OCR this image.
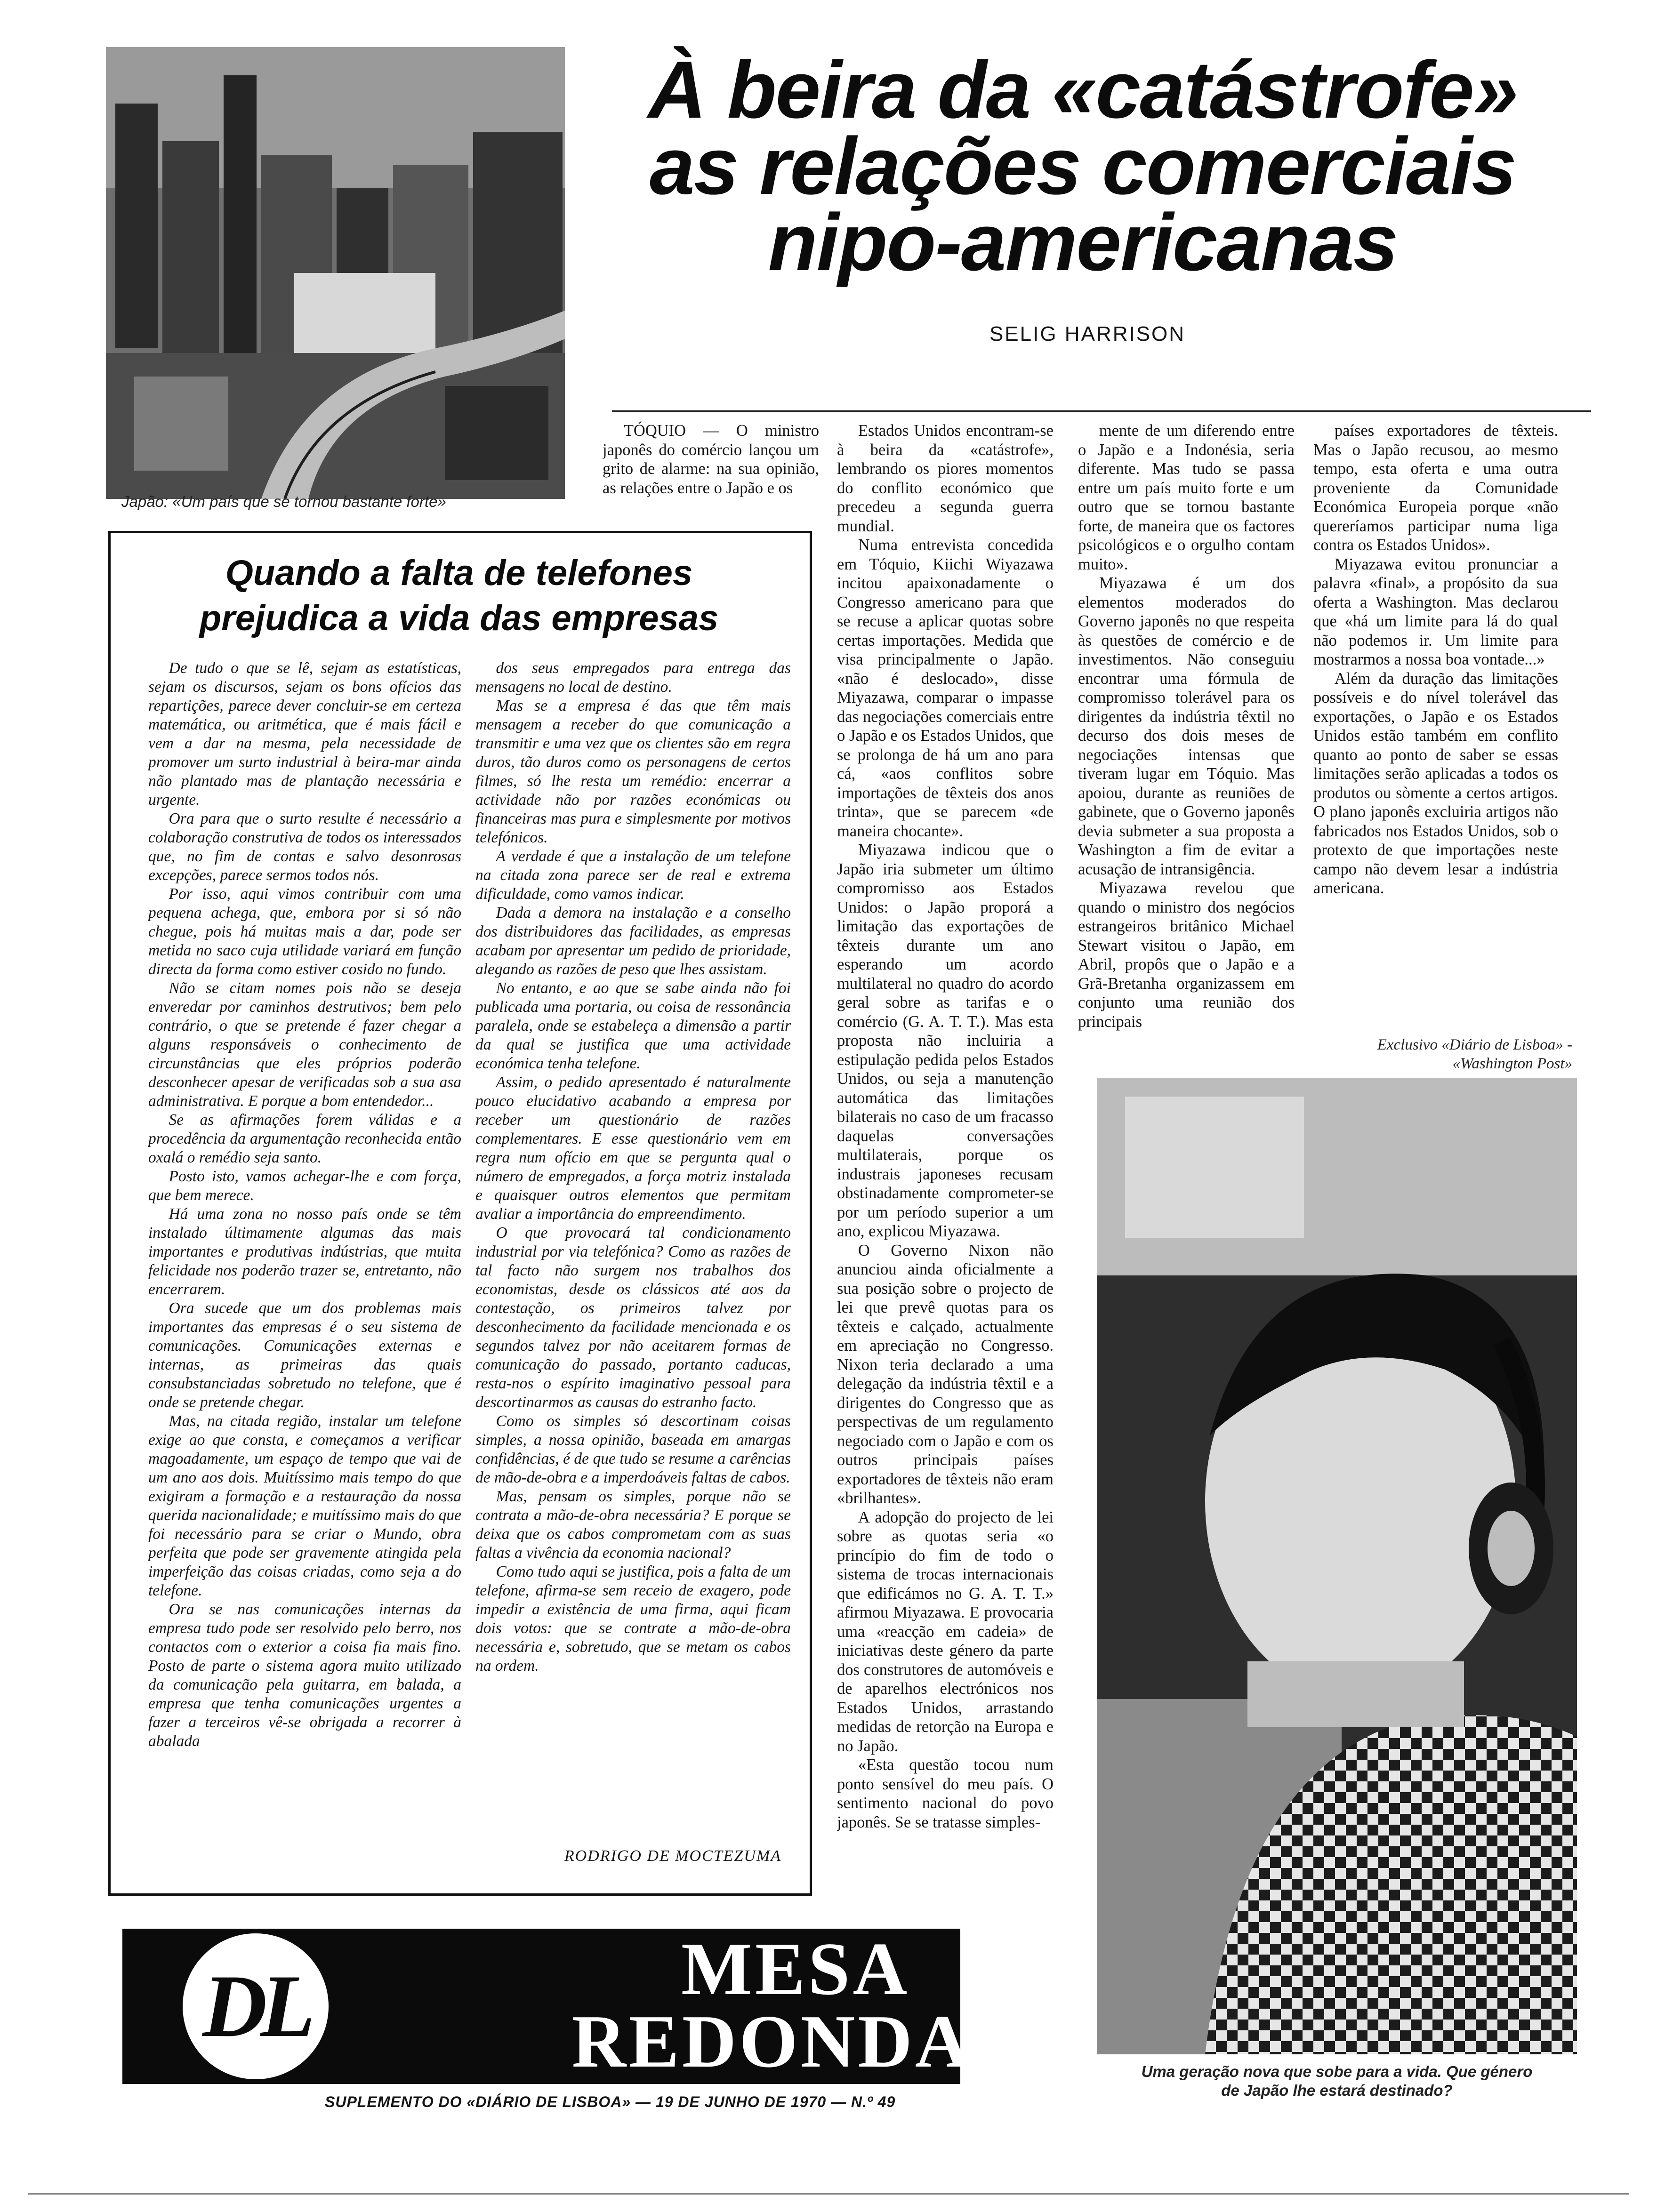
Japão: «Um país que se tornou bastante forte»
À beira da «catástrofe»
as relações comerciais
nipo-americanas
SELIG HARRISON

TÓQUIO — O ministro japonês do comércio lançou um grito de alarme: na sua opinião, as relações entre o Japão e os

Estados Unidos encontram-se à beira da «catástrofe», lembrando os piores momentos do conflito económico que precedeu a segunda guerra mundial.

Numa entrevista concedida em Tóquio, Kiichi Wiyazawa incitou apaixonadamente o Congresso americano para que se recuse a aplicar quotas sobre certas importações. Medida que visa principalmente o Japão. «não é deslocado», disse Miyazawa, comparar o impasse das negociações comerciais entre o Japão e os Estados Unidos, que se prolonga de há um ano para cá, «aos conflitos sobre importações de têxteis dos anos trinta», que se parecem «de maneira chocante».

Miyazawa indicou que o Japão iria submeter um último compromisso aos Estados Unidos: o Japão proporá a limitação das exportações de têxteis durante um ano esperando um acordo multilateral no quadro do acordo geral sobre as tarifas e o comércio (G. A. T. T.). Mas esta proposta não incluiria a estipulação pedida pelos Estados Unidos, ou seja a manutenção automática das limitações bilaterais no caso de um fracasso daquelas conversações multilaterais, porque os industrais japoneses recusam obstinadamente comprometer-se por um período superior a um ano, explicou Miyazawa.

O Governo Nixon não anunciou ainda oficialmente a sua posição sobre o projecto de lei que prevê quotas para os têxteis e calçado, actualmente em apreciação no Congresso. Nixon teria declarado a uma delegação da indústria têxtil e a dirigentes do Congresso que as perspectivas de um regulamento negociado com o Japão e com os outros principais países exportadores de têxteis não eram «brilhantes».

A adopção do projecto de lei sobre as quotas seria «o princípio do fim de todo o sistema de trocas internacionais que edificámos no G. A. T. T.» afirmou Miyazawa. E provocaria uma «reacção em cadeia» de iniciativas deste género da parte dos construtores de automóveis e de aparelhos electrónicos nos Estados Unidos, arrastando medidas de retorção na Europa e no Japão.

«Esta questão tocou num ponto sensível do meu país. O sentimento nacional do povo japonês. Se se tratasse simples-

mente de um diferendo entre o Japão e a Indonésia, seria diferente. Mas tudo se passa entre um país muito forte e um outro que se tornou bastante forte, de maneira que os factores psicológicos e o orgulho contam muito».

Miyazawa é um dos elementos moderados do Governo japonês no que respeita às questões de comércio e de investimentos. Não conseguiu encontrar uma fórmula de compromisso tolerável para os dirigentes da indústria têxtil no decurso dos dois meses de negociações intensas que tiveram lugar em Tóquio. Mas apoiou, durante as reuniões de gabinete, que o Governo japonês devia submeter a sua proposta a Washington a fim de evitar a acusação de intransigência.

Miyazawa revelou que quando o ministro dos negócios estrangeiros britânico Michael Stewart visitou o Japão, em Abril, propôs que o Japão e a Grã-Bretanha organizassem em conjunto uma reunião dos principais

países exportadores de têxteis. Mas o Japão recusou, ao mesmo tempo, esta oferta e uma outra proveniente da Comunidade Económica Europeia porque «não quereríamos participar numa liga contra os Estados Unidos».

Miyazawa evitou pronunciar a palavra «final», a propósito da sua oferta a Washington. Mas declarou que «há um limite para lá do qual não podemos ir. Um limite para mostrarmos a nossa boa vontade...»

Além da duração das limitações possíveis e do nível tolerável das exportações, o Japão e os Estados Unidos estão também em conflito quanto ao ponto de saber se essas limitações serão aplicadas a todos os produtos ou sòmente a certos artigos. O plano japonês excluiria artigos não fabricados nos Estados Unidos, sob o protexto de que importações neste campo não devem lesar a indústria americana.

Exclusivo «Diário de Lisboa» - «Washington Post»
Quando a falta de telefones
prejudica a vida das empresas

De tudo o que se lê, sejam as estatísticas, sejam os discursos, sejam os bons ofícios das repartições, parece dever concluir-se em certeza matemática, ou aritmética, que é mais fácil e vem a dar na mesma, pela necessidade de promover um surto industrial à beira-mar ainda não plantado mas de plantação necessária e urgente.

Ora para que o surto resulte é necessário a colaboração construtiva de todos os interessados que, no fim de contas e salvo desonrosas excepções, parece sermos todos nós.

Por isso, aqui vimos contribuir com uma pequena achega, que, embora por si só não chegue, pois há muitas mais a dar, pode ser metida no saco cuja utilidade variará em função directa da forma como estiver cosido no fundo.

Não se citam nomes pois não se deseja enveredar por caminhos destrutivos; bem pelo contrário, o que se pretende é fazer chegar a alguns responsáveis o conhecimento de circunstâncias que eles próprios poderão desconhecer apesar de verificadas sob a sua asa administrativa. E porque a bom entendedor...

Se as afirmações forem válidas e a procedência da argumentação reconhecida então oxalá o remédio seja santo.

Posto isto, vamos achegar-lhe e com força, que bem merece.

Há uma zona no nosso país onde se têm instalado últimamente algumas das mais importantes e produtivas indústrias, que muita felicidade nos poderão trazer se, entretanto, não encerrarem.

Ora sucede que um dos problemas mais importantes das empresas é o seu sistema de comunicações. Comunicações externas e internas, as primeiras das quais consubstanciadas sobretudo no telefone, que é onde se pretende chegar.

Mas, na citada região, instalar um telefone exige ao que consta, e começamos a verificar magoadamente, um espaço de tempo que vai de um ano aos dois. Muitíssimo mais tempo do que exigiram a formação e a restauração da nossa querida nacionalidade; e muitíssimo mais do que foi necessário para se criar o Mundo, obra perfeita que pode ser gravemente atingida pela imperfeição das coisas criadas, como seja a do telefone.

Ora se nas comunicações internas da empresa tudo pode ser resolvido pelo berro, nos contactos com o exterior a coisa fia mais fino. Posto de parte o sistema agora muito utilizado da comunicação pela guitarra, em balada, a empresa que tenha comunicações urgentes a fazer a terceiros vê-se obrigada a recorrer à abalada

dos seus empregados para entrega das mensagens no local de destino.

Mas se a empresa é das que têm mais mensagem a receber do que comunicação a transmitir e uma vez que os clientes são em regra duros, tão duros como os personagens de certos filmes, só lhe resta um remédio: encerrar a actividade não por razões económicas ou financeiras mas pura e simplesmente por motivos telefónicos.

A verdade é que a instalação de um telefone na citada zona parece ser de real e extrema dificuldade, como vamos indicar.

Dada a demora na instalação e a conselho dos distribuidores das facilidades, as empresas acabam por apresentar um pedido de prioridade, alegando as razões de peso que lhes assistam.

No entanto, e ao que se sabe ainda não foi publicada uma portaria, ou coisa de ressonância paralela, onde se estabeleça a dimensão a partir da qual se justifica que uma actividade económica tenha telefone.

Assim, o pedido apresentado é naturalmente pouco elucidativo acabando a empresa por receber um questionário de razões complementares. E esse questionário vem em regra num ofício em que se pergunta qual o número de empregados, a força motriz instalada e quaisquer outros elementos que permitam avaliar a importância do empreendimento.

O que provocará tal condicionamento industrial por via telefónica? Como as razões de tal facto não surgem nos trabalhos dos economistas, desde os clássicos até aos da contestação, os primeiros talvez por desconhecimento da facilidade mencionada e os segundos talvez por não aceitarem formas de comunicação do passado, portanto caducas, resta-nos o espírito imaginativo pessoal para descortinarmos as causas do estranho facto.

Como os simples só descortinam coisas simples, a nossa opinião, baseada em amargas confidências, é de que tudo se resume a carências de mão-de-obra e a imperdoáveis faltas de cabos.

Mas, pensam os simples, porque não se contrata a mão-de-obra necessária? E porque se deixa que os cabos comprometam com as suas faltas a vivência da economia nacional?

Como tudo aqui se justifica, pois a falta de um telefone, afirma-se sem receio de exagero, pode impedir a existência de uma firma, aqui ficam dois votos: que se contrate a mão-de-obra necessária e, sobretudo, que se metam os cabos na ordem.

RODRIGO DE MOCTEZUMA
Uma geração nova que sobe para a vida. Que género
de Japão lhe estará destinado?
DL	MESA
REDONDA
SUPLEMENTO DO «DIÁRIO DE LISBOA» — 19 DE JUNHO DE 1970 — N.º 49
